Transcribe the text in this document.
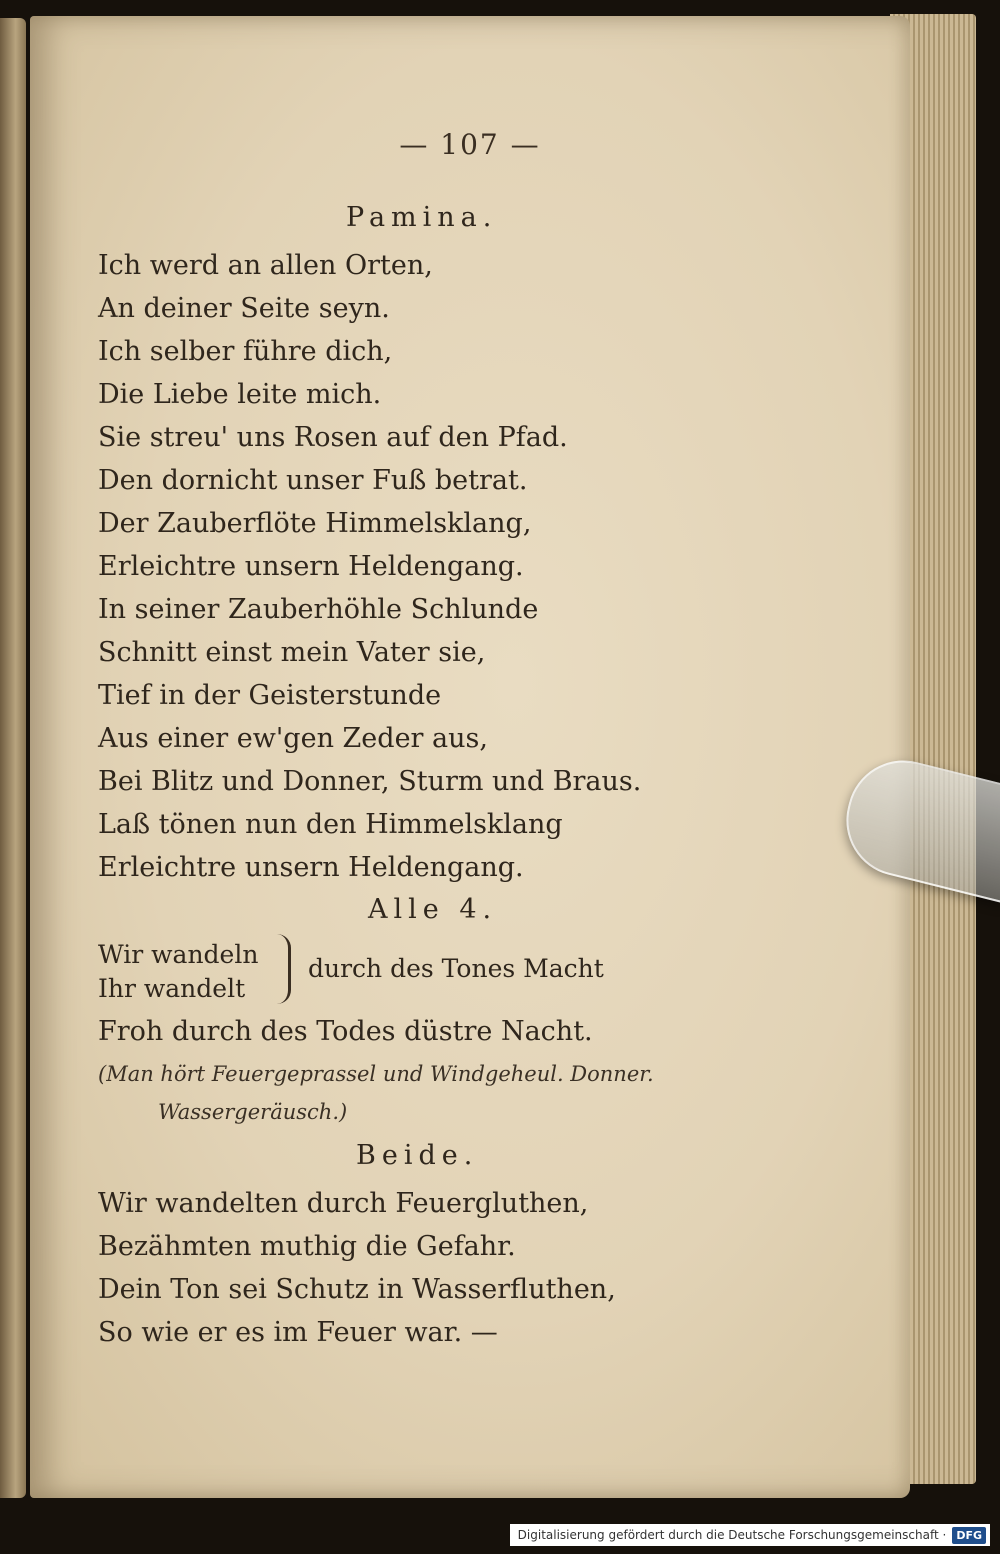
— 107 —
Pamina.
Ich werd an allen Orten,
An deiner Seite seyn.
Ich selber führe dich,
Die Liebe leite mich.
Sie streu' uns Rosen auf den Pfad.
Den dornicht unser Fuß betrat.
Der Zauberflöte Himmelsklang,
Erleichtre unsern Heldengang.
In seiner Zauberhöhle Schlunde
Schnitt einst mein Vater sie,
Tief in der Geisterstunde
Aus einer ew'gen Zeder aus,
Bei Blitz und Donner, Sturm und Braus.
Laß tönen nun den Himmelsklang
Erleichtre unsern Heldengang.
Alle 4.
Wir wandeln
Ihr wandelt
durch des Tones Macht
Froh durch des Todes düstre Nacht.
(Man hört Feuergeprassel und Windgeheul. Donner.
Wassergeräusch.)
Beide.
Wir wandelten durch Feuergluthen,
Bezähmten muthig die Gefahr.
Dein Ton sei Schutz in Wasserfluthen,
So wie er es im Feuer war. —
Digitalisierung gefördert durch die Deutsche Forschungsgemeinschaft · DFG
